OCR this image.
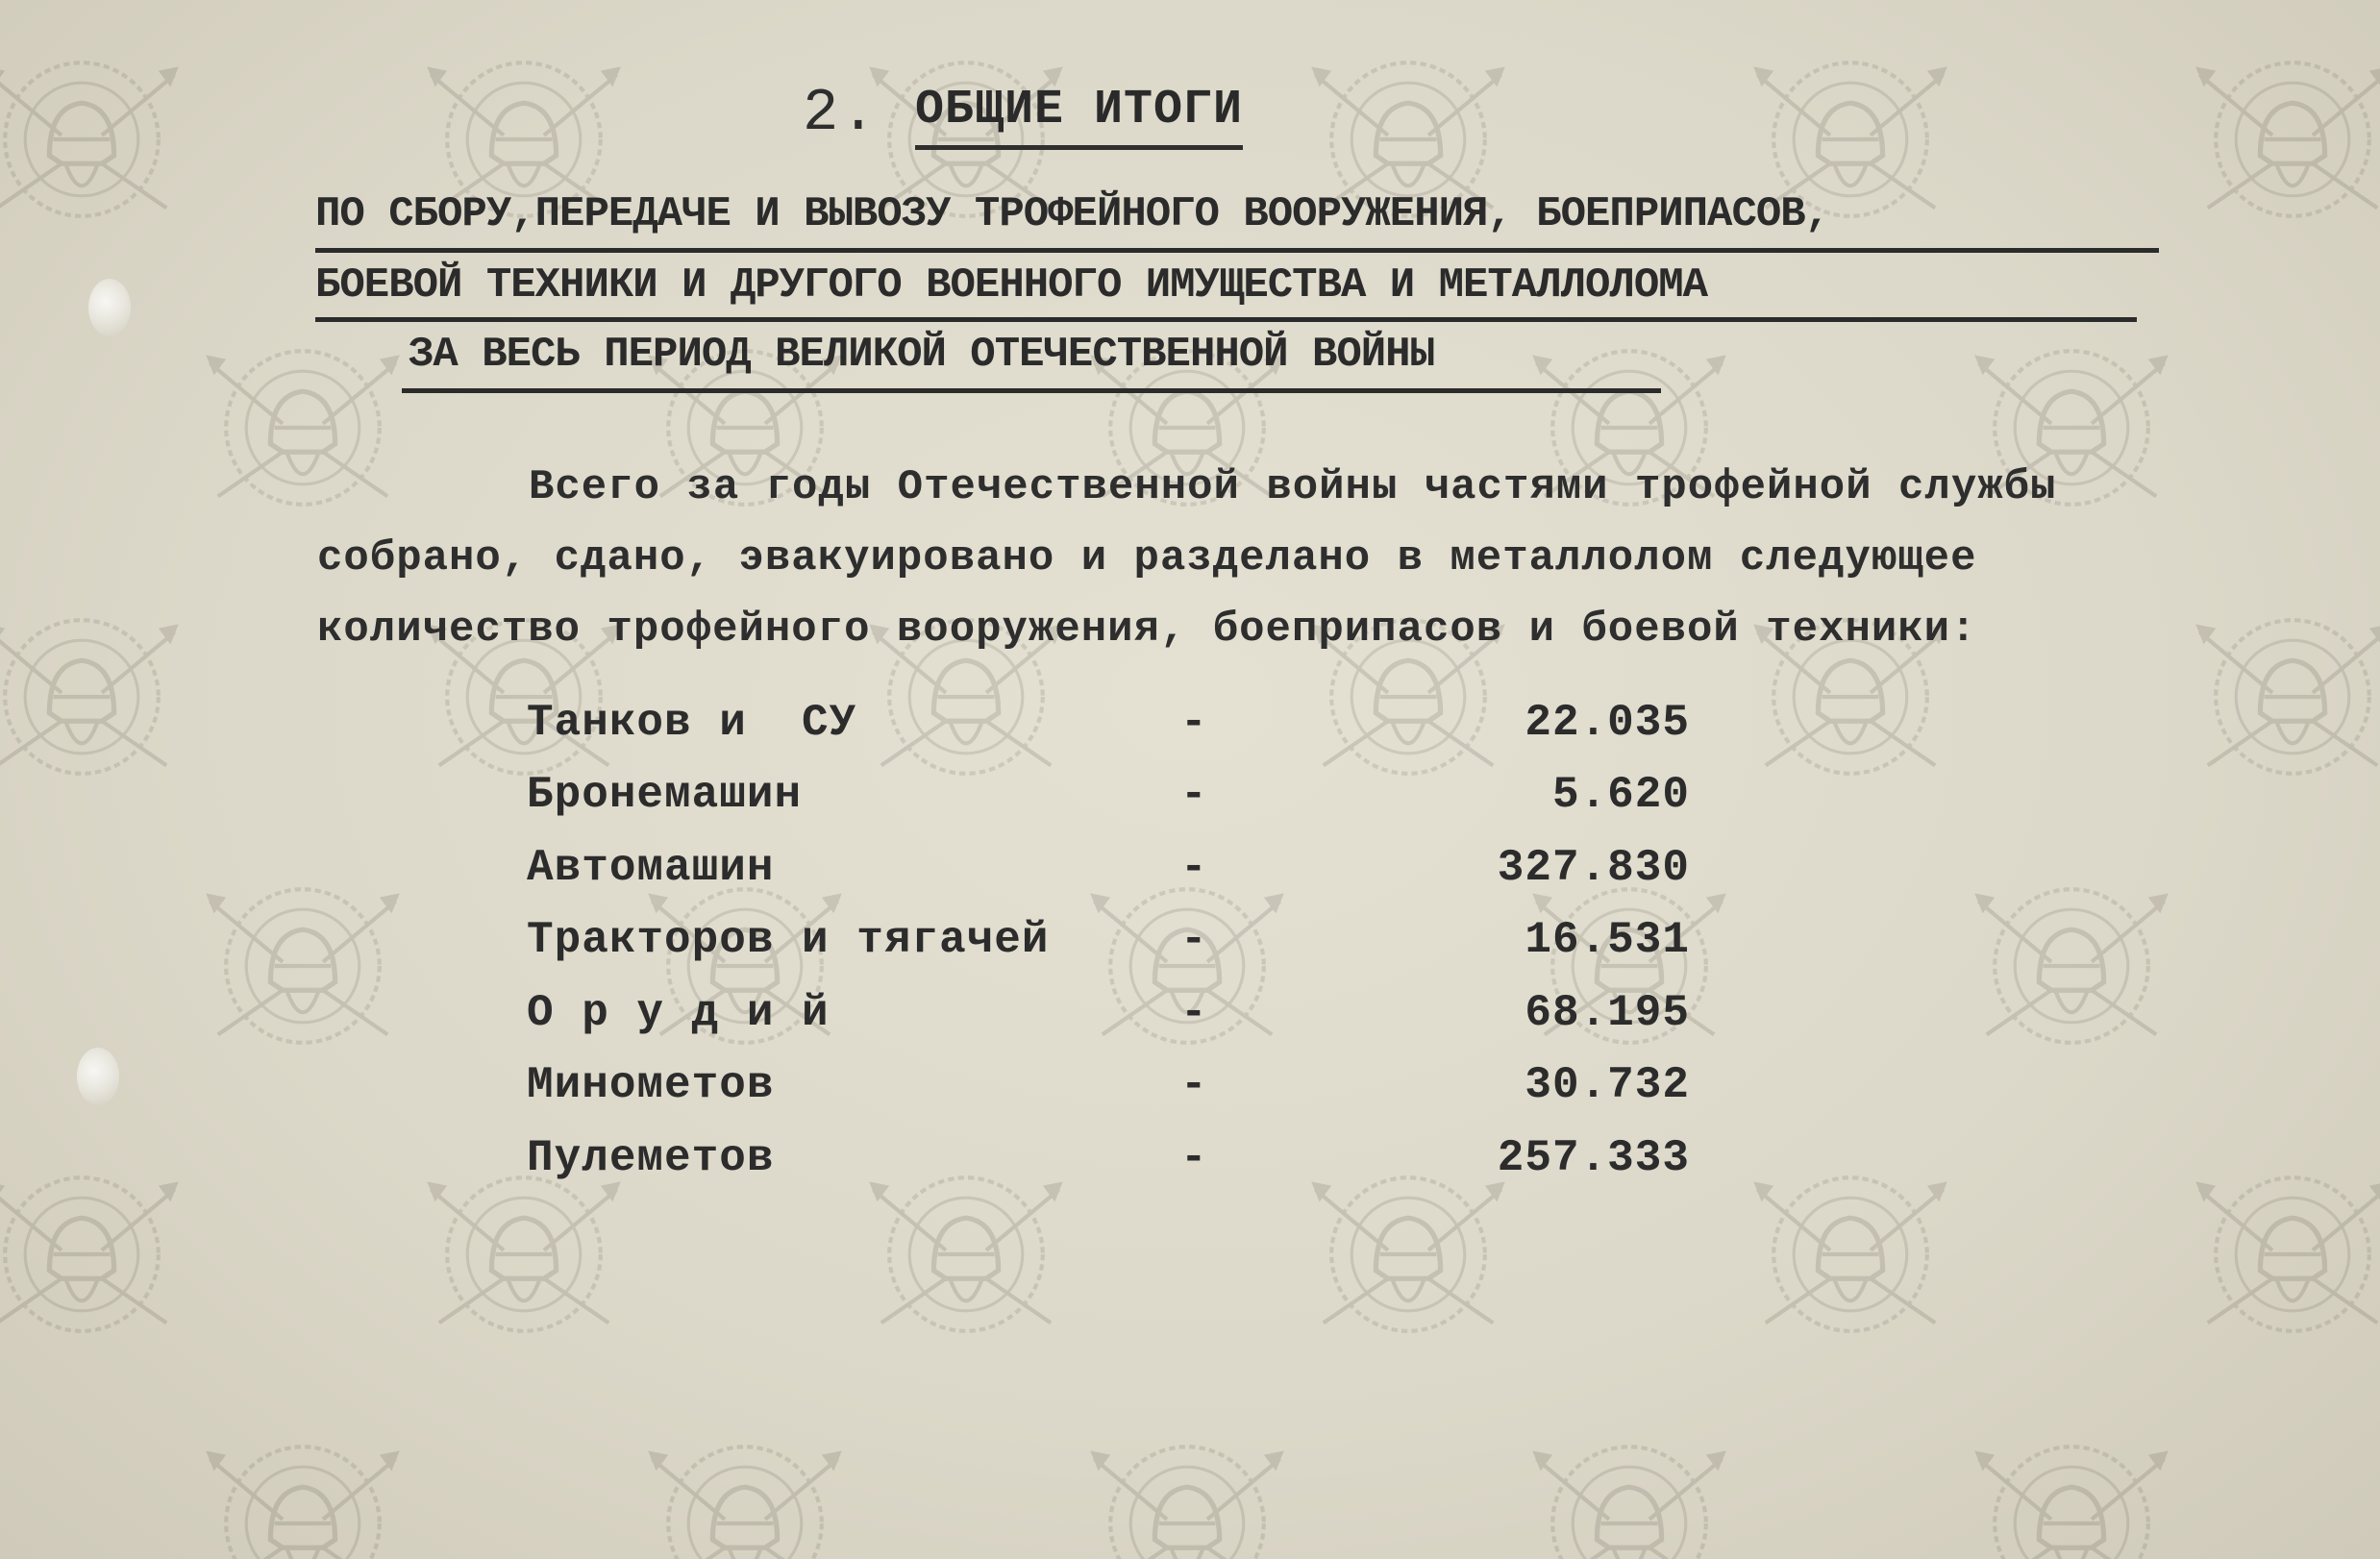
2. ОБЩИЕ ИТОГИ
ПО СБОРУ,ПЕРЕДАЧЕ И ВЫВОЗУ ТРОФЕЙНОГО ВООРУЖЕНИЯ, БОЕПРИПАСОВ,
БОЕВОЙ ТЕХНИКИ И ДРУГОГО ВОЕННОГО ИМУЩЕСТВА И МЕТАЛЛОЛОМА
ЗА ВЕСЬ ПЕРИОД ВЕЛИКОЙ ОТЕЧЕСТВЕННОЙ ВОЙНЫ
Всего за годы Отечественной войны частями трофейной службы
собрано, сдано, эвакуировано и разделано в металлолом следующее
количество трофейного вооружения, боеприпасов и боевой техники:
Танков и  СУ	-	22.035
Бронемашин	-	5.620
Автомашин	-	327.830
Тракторов и тягачей	-	16.531
О р у д и й	-	68.195
Минометов	-	30.732
Пулеметов	-	257.333
